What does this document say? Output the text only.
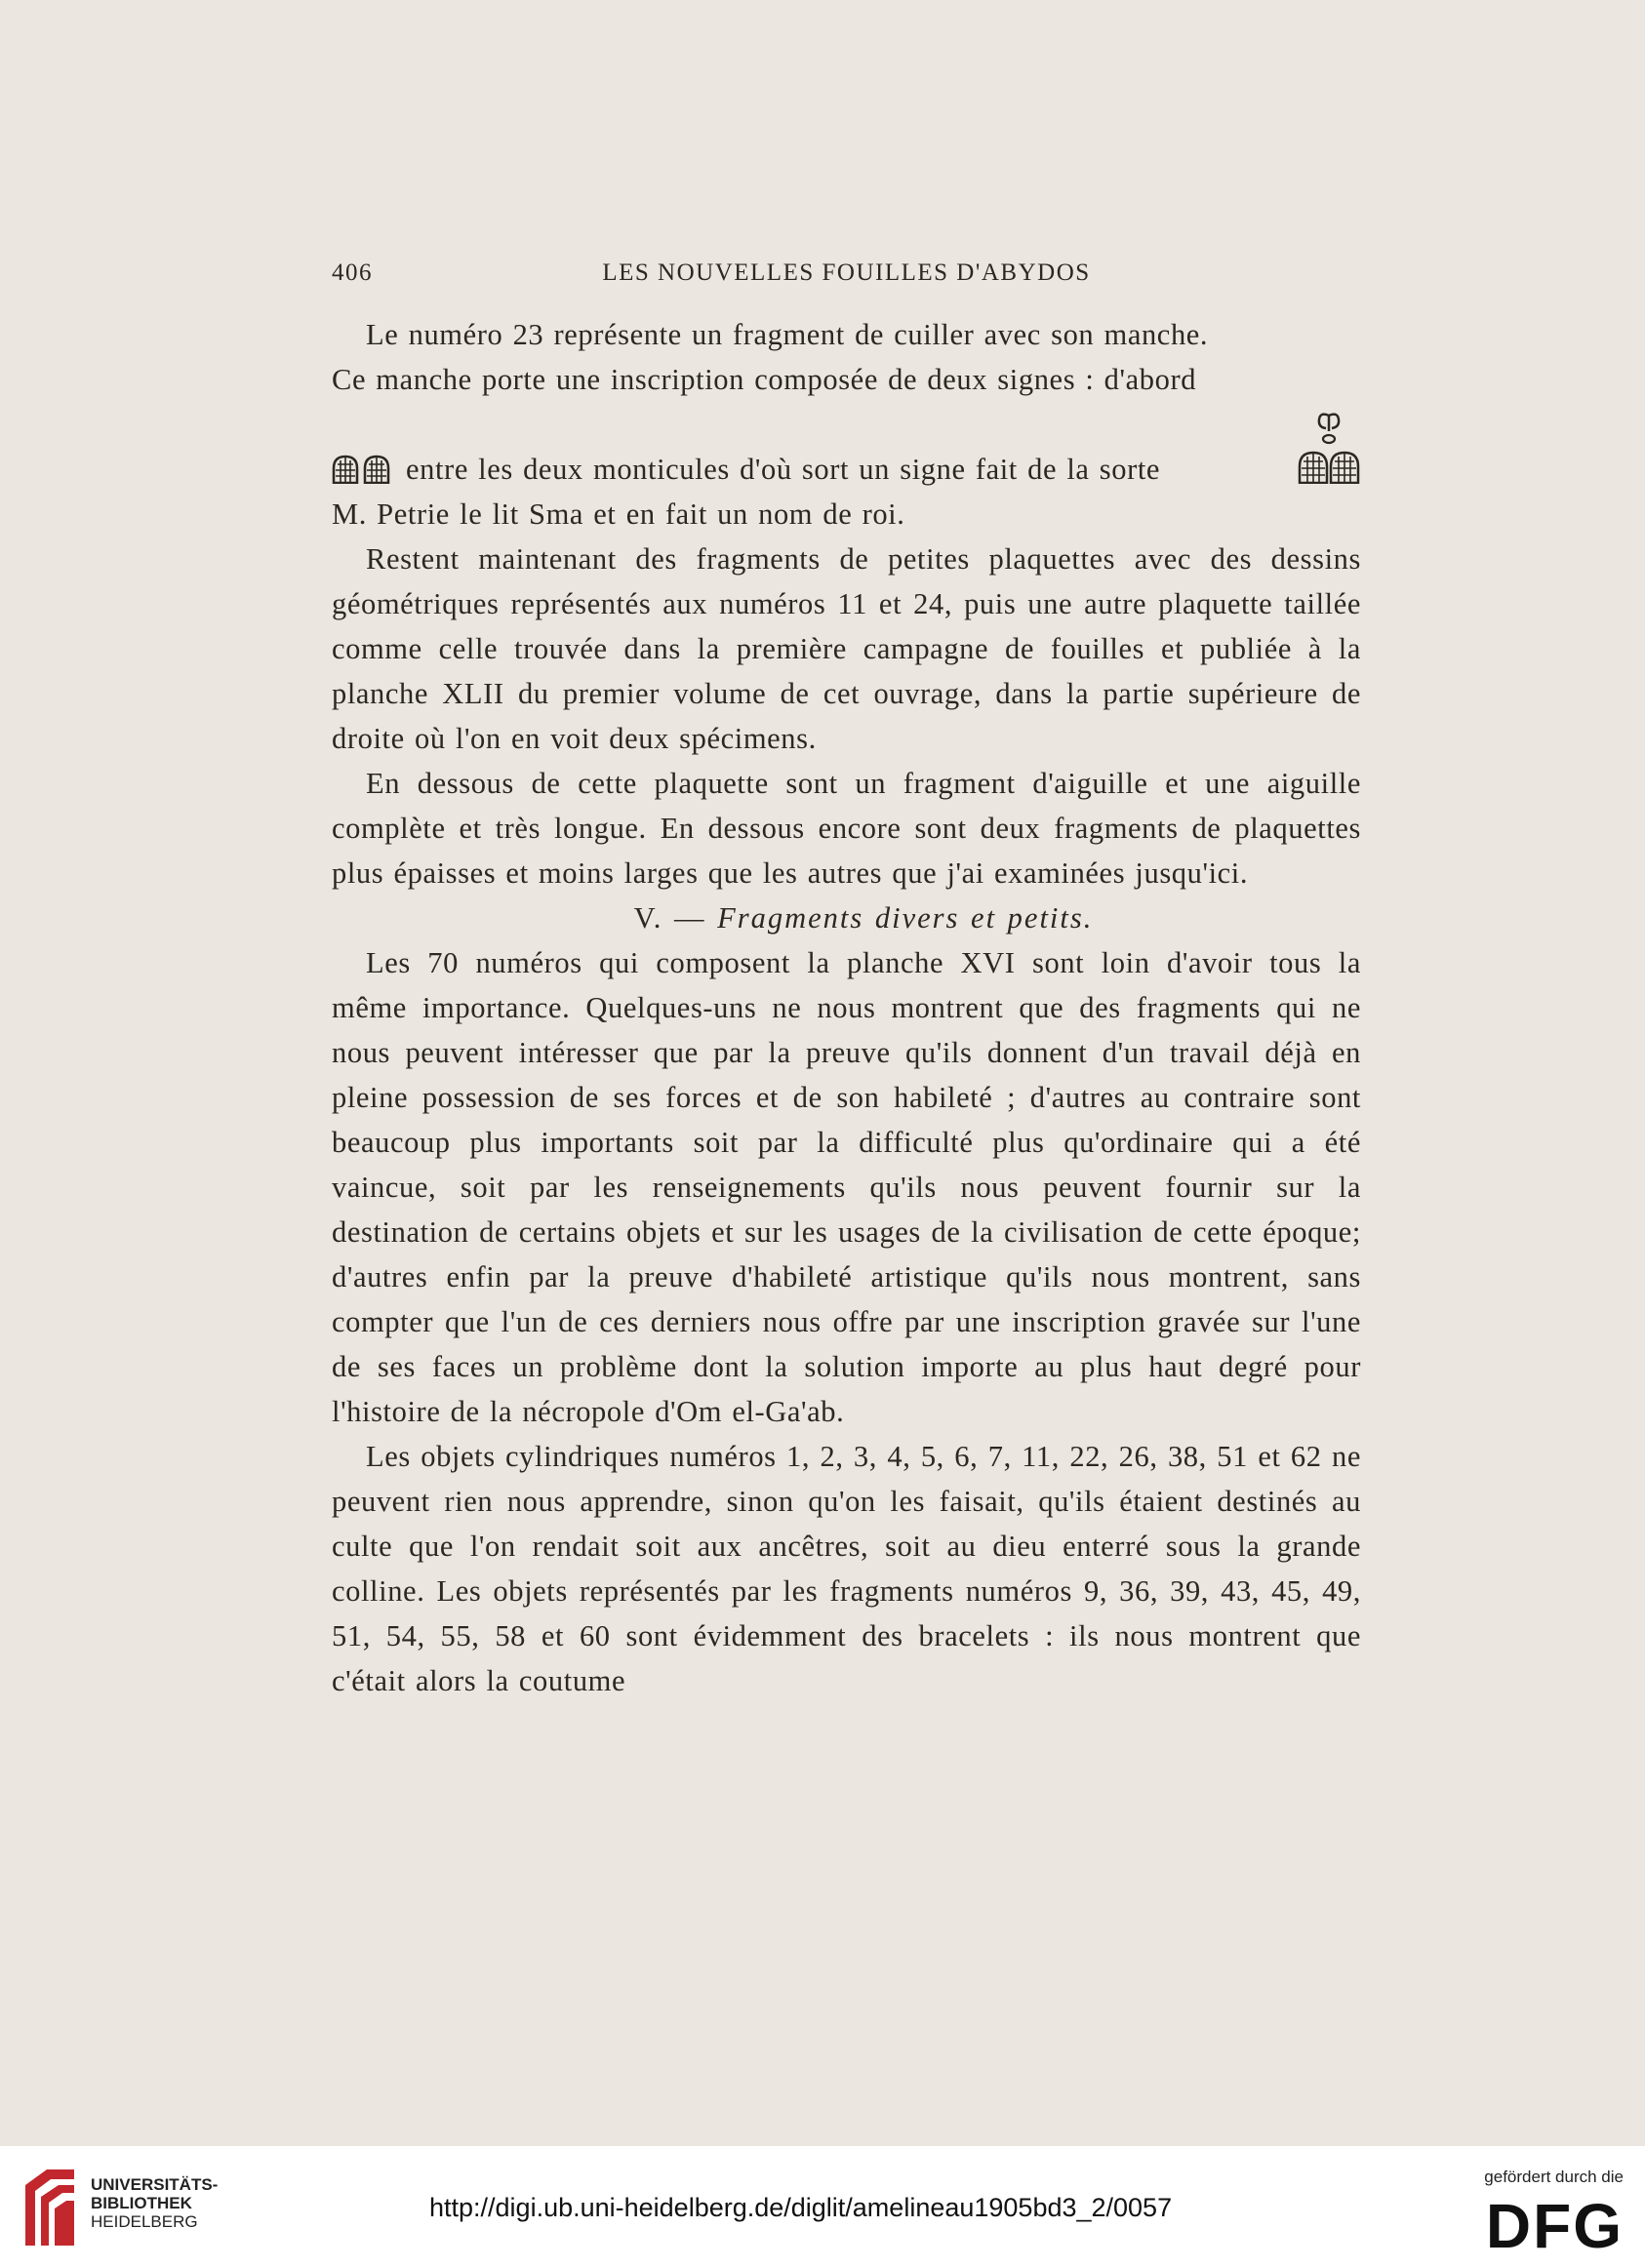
406	LES NOUVELLES FOUILLES D'ABYDOS

Le numéro 23 représente un fragment de cuiller avec son manche.

Ce manche porte une inscription composée de deux signes : d'abord

entre les deux monticules d'où sort un signe fait de la sorte

M. Petrie le lit Sma et en fait un nom de roi.

Restent maintenant des fragments de petites plaquettes avec des dessins géométriques représentés aux numéros 11 et 24, puis une autre plaquette taillée comme celle trouvée dans la première campagne de fouilles et publiée à la planche XLII du premier volume de cet ouvrage, dans la partie supérieure de droite où l'on en voit deux spécimens.

En dessous de cette plaquette sont un fragment d'aiguille et une aiguille complète et très longue. En dessous encore sont deux fragments de plaquettes plus épaisses et moins larges que les autres que j'ai examinées jusqu'ici.

V. — Fragments divers et petits.

Les 70 numéros qui composent la planche XVI sont loin d'avoir tous la même importance. Quelques-uns ne nous montrent que des fragments qui ne nous peuvent intéresser que par la preuve qu'ils donnent d'un travail déjà en pleine possession de ses forces et de son habileté ; d'autres au contraire sont beaucoup plus importants soit par la difficulté plus qu'ordinaire qui a été vaincue, soit par les renseignements qu'ils nous peuvent fournir sur la destination de certains objets et sur les usages de la civilisation de cette époque; d'autres enfin par la preuve d'habileté artistique qu'ils nous montrent, sans compter que l'un de ces derniers nous offre par une inscription gravée sur l'une de ses faces un problème dont la solution importe au plus haut degré pour l'histoire de la nécropole d'Om el-Ga'ab.

Les objets cylindriques numéros 1, 2, 3, 4, 5, 6, 7, 11, 22, 26, 38, 51 et 62 ne peuvent rien nous apprendre, sinon qu'on les faisait, qu'ils étaient destinés au culte que l'on rendait soit aux ancêtres, soit au dieu enterré sous la grande colline. Les objets représentés par les fragments numéros 9, 36, 39, 43, 45, 49, 51, 54, 55, 58 et 60 sont évidemment des bracelets : ils nous montrent que c'était alors la coutume

UNIVERSITÄTS-
BIBLIOTHEK
HEIDELBERG	http://digi.ub.uni-heidelberg.de/diglit/amelineau1905bd3_2/0057
gefördert durch die
DFG
